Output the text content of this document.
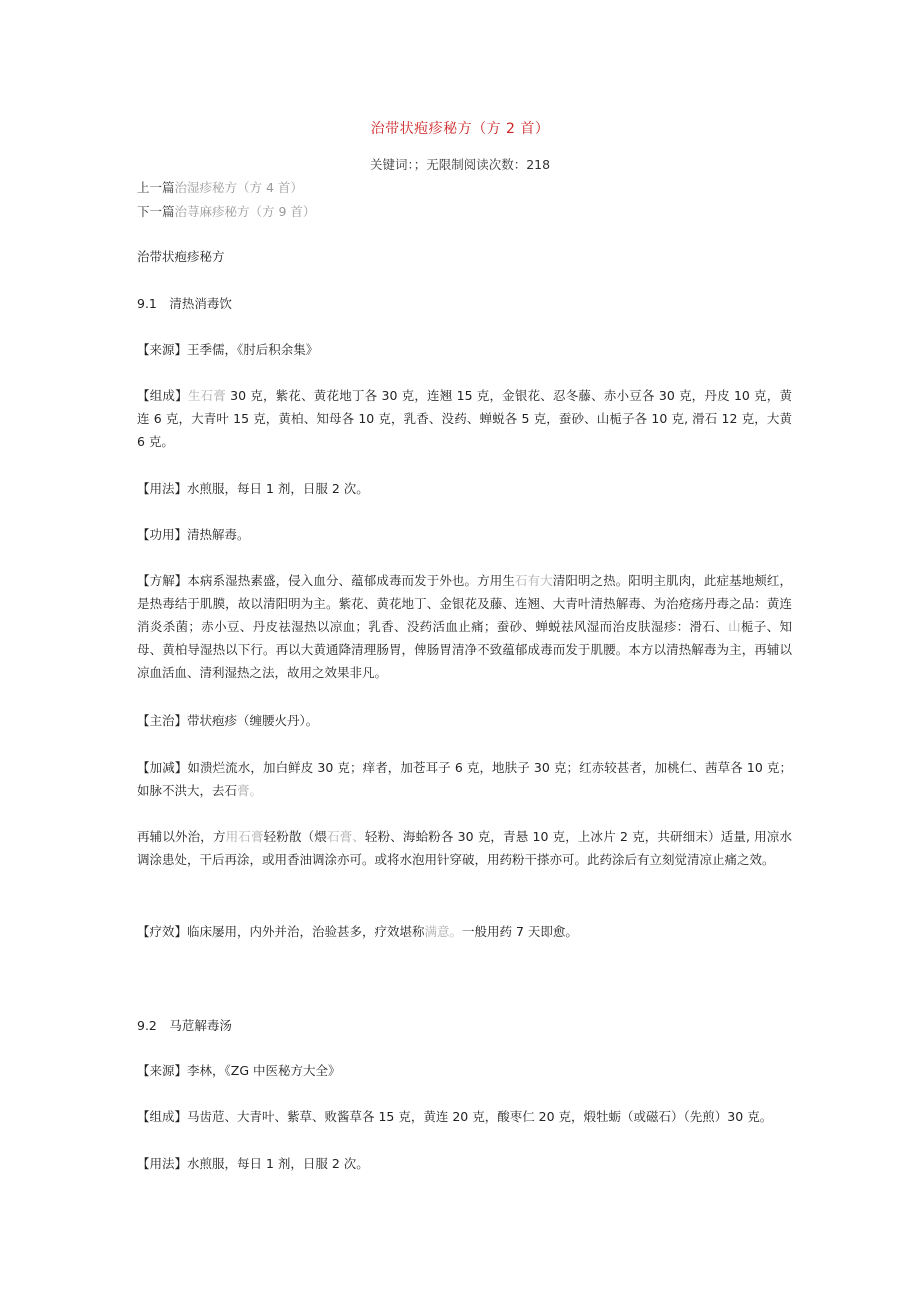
治带状疱疹秘方（方 2 首）
关键词：；无限制阅读次数：218
上一篇治湿疹秘方（方 4 首）
下一篇治荨麻疹秘方（方 9 首）

治带状疱疹秘方

9.1　清热消毒饮

【来源】王季儒，《肘后积余集》

【组成】生石膏 30 克，紫花、黄花地丁各 30 克，连翘 15 克，金银花、忍冬藤、赤小豆各 30 克，丹皮 10 克，黄连 6 克，大青叶 15 克，黄柏、知母各 10 克，乳香、没药、蝉蜕各 5 克，蚕砂、山栀子各 10 克, 滑石 12 克，大黄 6 克。

【用法】水煎服，每日 1 剂，日服 2 次。

【功用】清热解毒。

【方解】本病系湿热素盛，侵入血分、蕴郁成毒而发于外也。方用生石有大清阳明之热。阳明主肌肉，此症基地颊红，是热毒结于肌膜，故以清阳明为主。紫花、黄花地丁、金银花及藤、连翘、大青叶清热解毒、为治疮疡丹毒之品：黄连消炎杀菌；赤小豆、丹皮祛湿热以凉血；乳香、没药活血止痛；蚕砂、蝉蜕祛风湿而治皮肤湿疹：滑石、山栀子、知母、黄柏导湿热以下行。再以大黄通降清理肠胃，俾肠胃清净不致蕴郁成毒而发于肌腰。本方以清热解毒为主，再辅以凉血活血、清利湿热之法，故用之效果非凡。

【主治】带状疱疹（缠腰火丹）。

【加减】如溃烂流水，加白鲜皮 30 克；痒者，加苍耳子 6 克，地肤子 30 克；红赤较甚者，加桃仁、茜草各 10 克；如脉不洪大，去石膏。

再辅以外治，方用石膏轻粉散（煨石膏、轻粉、海蛤粉各 30 克，青悬 10 克，上冰片 2 克，共研细末）适量, 用凉水调涂患处，干后再涂，或用香油调涂亦可。或将水泡用针穿破，用药粉干搽亦可。此药涂后有立刻觉清凉止痛之效。

【疗效】临床屡用，内外并治，治验甚多，疗效堪称满意。一般用药 7 天即愈。

9.2　马苊解毒汤

【来源】李林，《ZG 中医秘方大全》

【组成】马齿苊、大青叶、紫草、败酱草各 15 克，黄连 20 克，酸枣仁 20 克，煅牡蛎（或磁石）（先煎）30 克。

【用法】水煎服，每日 1 剂，日服 2 次。
